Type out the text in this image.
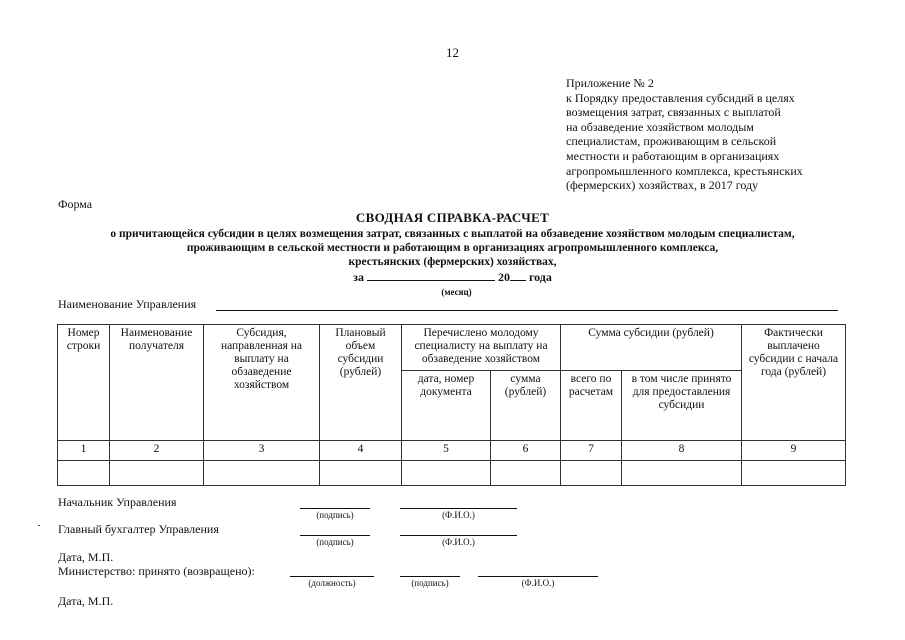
12
Приложение № 2
к Порядку предоставления субсидий в целях
возмещения затрат, связанных с выплатой
на обзаведение хозяйством молодым
специалистам, проживающим в сельской
местности и работающим в организациях
агропромышленного комплекса, крестьянских
(фермерских) хозяйствах, в 2017 году
Форма
СВОДНАЯ СПРАВКА-РАСЧЕТ
о причитающейся субсидии в целях возмещения затрат, связанных с выплатой на обзаведение хозяйством молодым специалистам,
проживающим в сельской местности и работающим в организациях агропромышленного комплекса,
крестьянских (фермерских) хозяйствах,
за	20 года
(месяц)
Наименование Управления
Номер строки	Наименование получателя	Субсидия, направленная на выплату на обзаведение хозяйством	Плановый объем субсидии (рублей)	Перечислено молодому специалисту на выплату на обзаведение хозяйством		Сумма субсидии (рублей)		Фактически выплачено субсидии с начала года (рублей)
				дата, номер документа	сумма (рублей)	всего по расчетам	в том числе принято для предоставления субсидии	
1	2	3	4	5	6	7	8	9

Начальник Управления
(подпись)	(Ф.И.О.)
Главный бухгалтер Управления
(подпись)	(Ф.И.О.)
Дата, М.П.
Министерство: принято (возвращено):
(должность)	(подпись)	(Ф.И.О.)
Дата, М.П.
